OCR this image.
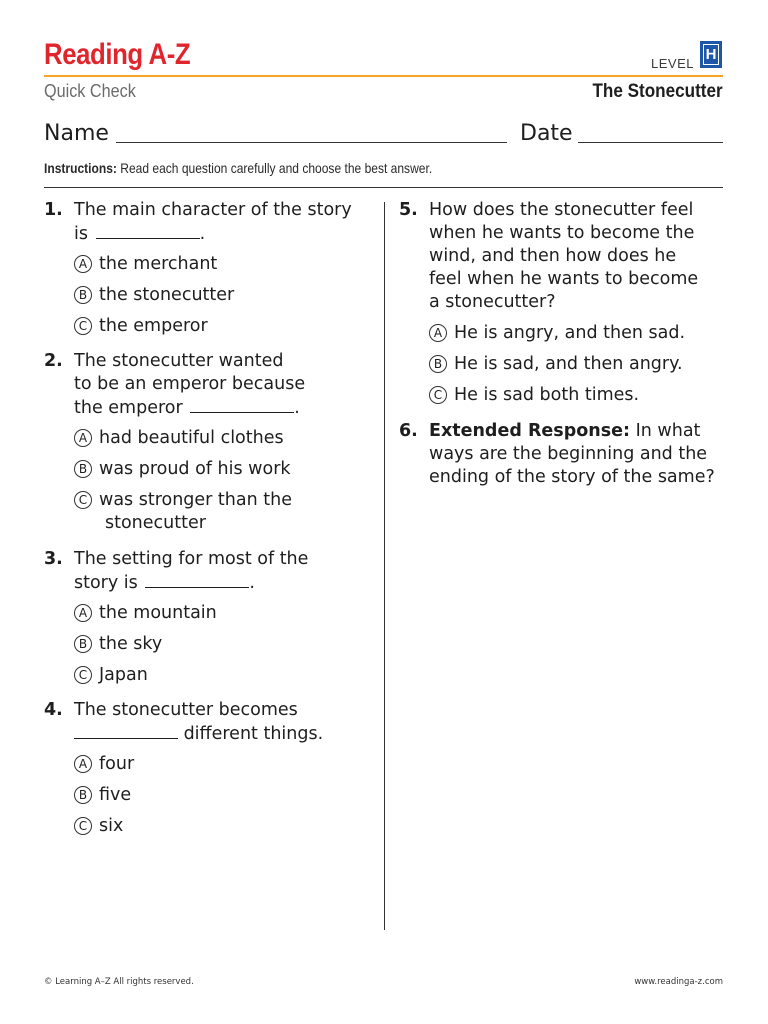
Reading A-Z	LEVEL
H
Quick Check	The Stonecutter
Name	Date
Instructions: Read each question carefully and choose the best answer.
1. The main character of the story
is	.
A the merchant
B the stonecutter
C the emperor
2. The stonecutter wanted
to be an emperor because
the emperor	.
A had beautiful clothes
B was proud of his work
C was stronger than the
stonecutter
3. The setting for most of the
story is	.
A the mountain
B the sky
C Japan
4. The stonecutter becomes
different things.
A four
B five
C six
5. How does the stonecutter feel
when he wants to become the
wind, and then how does he
feel when he wants to become
a stonecutter?
A He is angry, and then sad.
B He is sad, and then angry.
C He is sad both times.
6. Extended Response: In what
ways are the beginning and the
ending of the story of the same?
© Learning A–Z All rights reserved.	www.readinga-z.com
